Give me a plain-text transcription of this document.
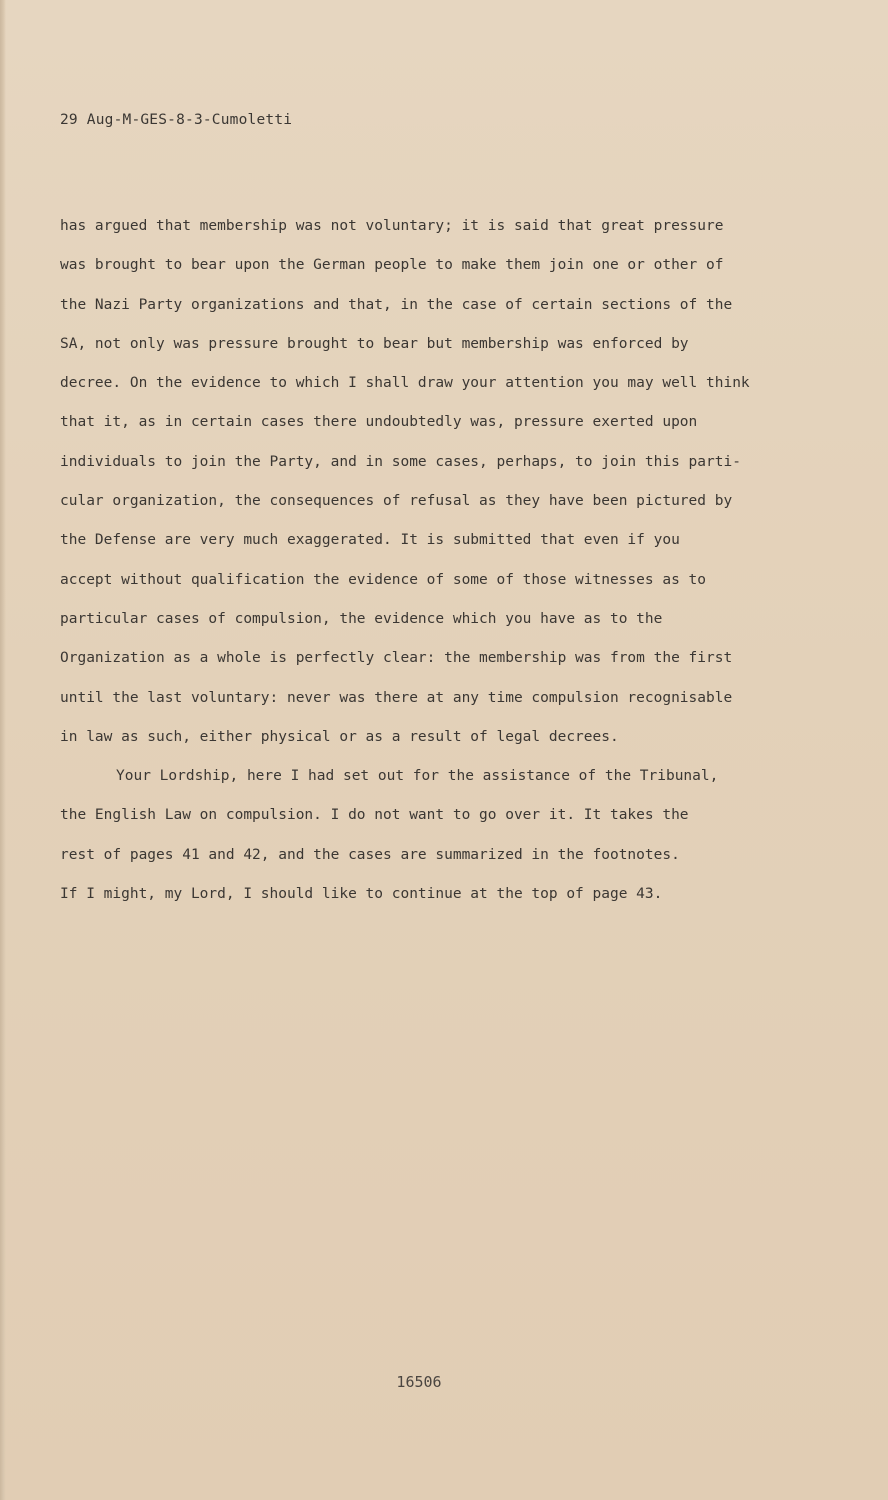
29 Aug-M-GES-8-3-Cumoletti
has argued that membership was not voluntary; it is said that great pressure
was brought to bear upon the German people to make them join one or other of
the Nazi Party organizations and that, in the case of certain sections of the
SA, not only was pressure brought to bear but membership was enforced by
decree. On the evidence to which I shall draw your attention you may well think
that it, as in certain cases there undoubtedly was, pressure exerted upon
individuals to join the Party, and in some cases, perhaps, to join this parti-
cular organization, the consequences of refusal as they have been pictured by
the Defense are very much exaggerated. It is submitted that even if you
accept without qualification the evidence of some of those witnesses as to
particular cases of compulsion, the evidence which you have as to the
Organization as a whole is perfectly clear: the membership was from the first
until the last voluntary: never was there at any time compulsion recognisable
in law as such, either physical or as a result of legal decrees.
Your Lordship, here I had set out for the assistance of the Tribunal,
the English Law on compulsion. I do not want to go over it. It takes the
rest of pages 41 and 42, and the cases are summarized in the footnotes.
If I might, my Lord, I should like to continue at the top of page 43.
16506
